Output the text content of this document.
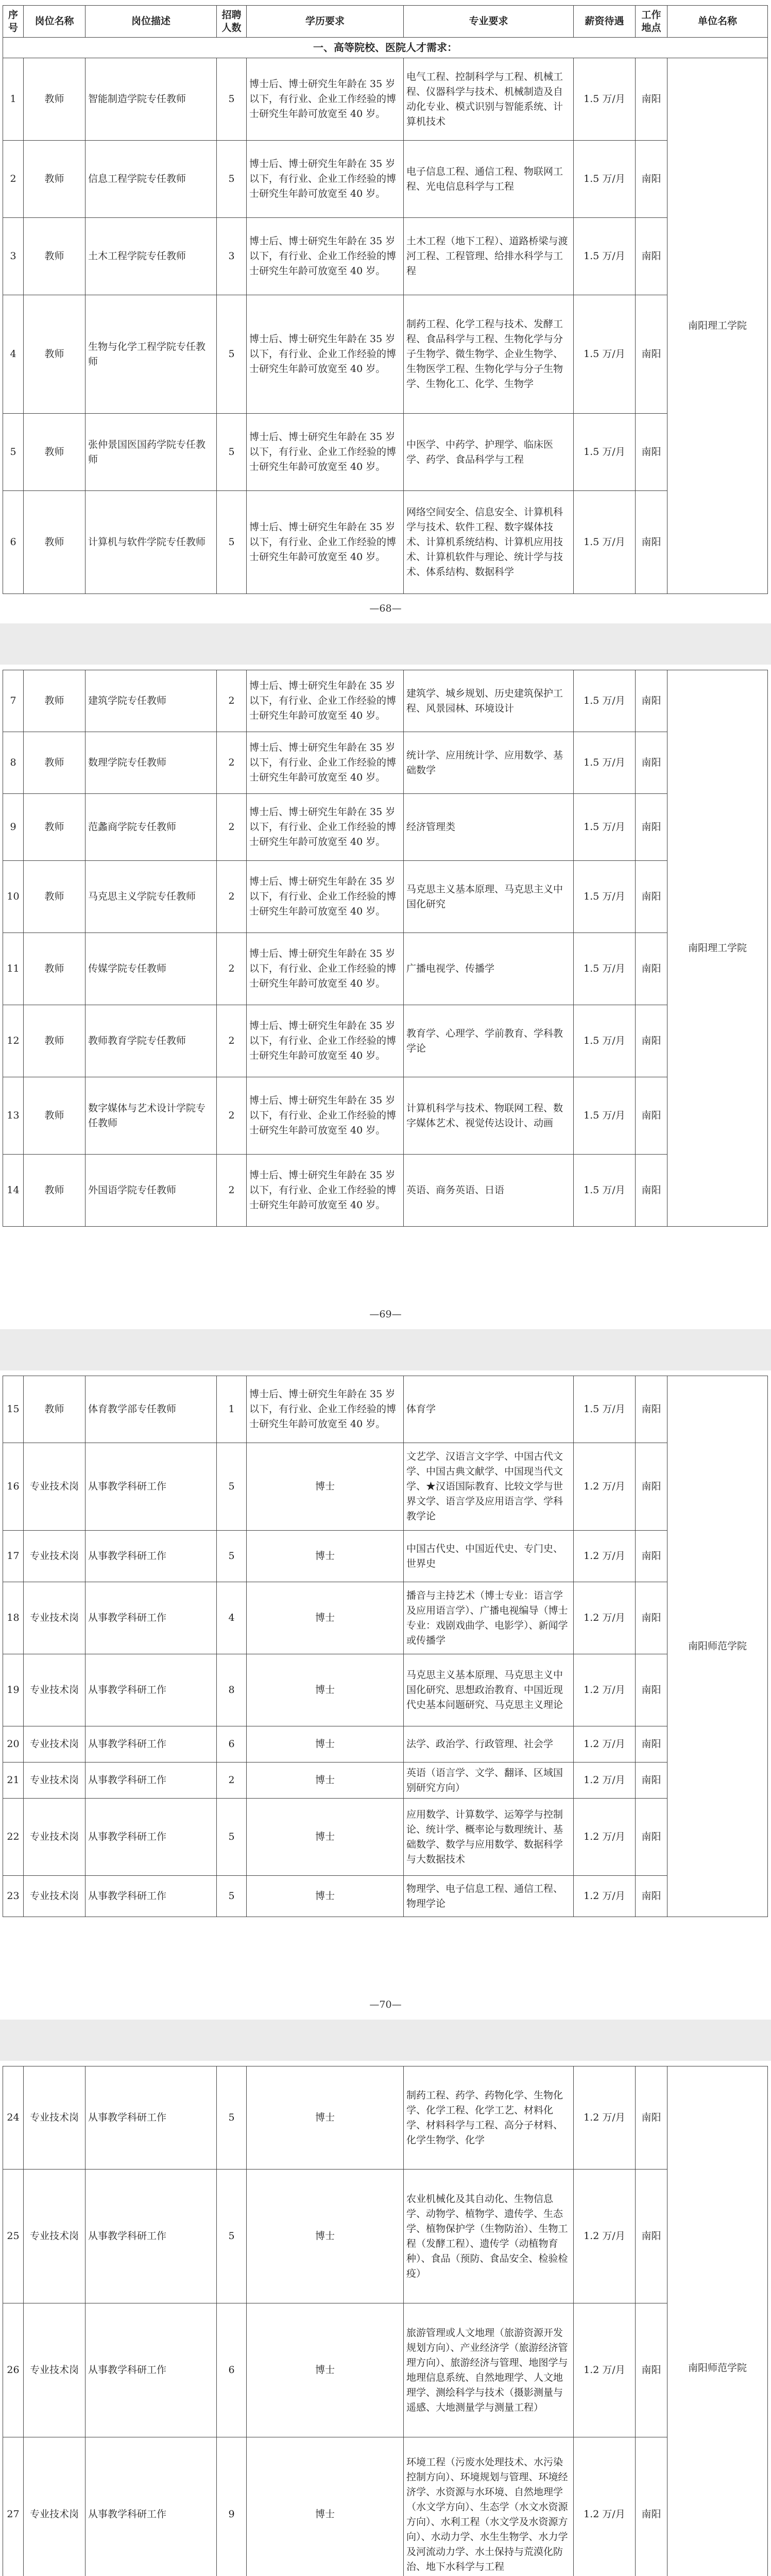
序号	岗位名称	岗位描述	招聘人数	学历要求	专业要求	薪资待遇	工作地点	单位名称
一、高等院校、医院人才需求：								
1	教师	智能制造学院专任教师	5	博士后、博士研究生年龄在 35 岁以下，有行业、企业工作经验的博士研究生年龄可放宽至 40 岁。	电气工程、控制科学与工程、机械工程、仪器科学与技术、机械制造及自动化专业、模式识别与智能系统、计算机技术	1.5 万/月	南阳	南阳理工学院
2	教师	信息工程学院专任教师	5	博士后、博士研究生年龄在 35 岁以下，有行业、企业工作经验的博士研究生年龄可放宽至 40 岁。	电子信息工程、通信工程、物联网工程、光电信息科学与工程	1.5 万/月	南阳	
3	教师	土木工程学院专任教师	3	博士后、博士研究生年龄在 35 岁以下，有行业、企业工作经验的博士研究生年龄可放宽至 40 岁。	土木工程（地下工程）、道路桥梁与渡河工程、工程管理、给排水科学与工程	1.5 万/月	南阳	
4	教师	生物与化学工程学院专任教师	5	博士后、博士研究生年龄在 35 岁以下，有行业、企业工作经验的博士研究生年龄可放宽至 40 岁。	制药工程、化学工程与技术、发酵工程、食品科学与工程、生物化学与分子生物学、微生物学、企业生物学、生物医学工程、生物化学与分子生物学、生物化工、化学、生物学	1.5 万/月	南阳	
5	教师	张仲景国医国药学院专任教师	5	博士后、博士研究生年龄在 35 岁以下，有行业、企业工作经验的博士研究生年龄可放宽至 40 岁。	中医学、中药学、护理学、临床医学、药学、食品科学与工程	1.5 万/月	南阳	
6	教师	计算机与软件学院专任教师	5	博士后、博士研究生年龄在 35 岁以下，有行业、企业工作经验的博士研究生年龄可放宽至 40 岁。	网络空间安全、信息安全、计算机科学与技术、软件工程、数字媒体技术、计算机系统结构、计算机应用技术、计算机软件与理论、统计学与技术、体系结构、数据科学	1.5 万/月	南阳	
—68—
7	教师	建筑学院专任教师	2	博士后、博士研究生年龄在 35 岁以下，有行业、企业工作经验的博士研究生年龄可放宽至 40 岁。	建筑学、城乡规划、历史建筑保护工程、风景园林、环境设计	1.5 万/月	南阳	南阳理工学院
8	教师	数理学院专任教师	2	博士后、博士研究生年龄在 35 岁以下，有行业、企业工作经验的博士研究生年龄可放宽至 40 岁。	统计学、应用统计学、应用数学、基础数学	1.5 万/月	南阳	
9	教师	范蠡商学院专任教师	2	博士后、博士研究生年龄在 35 岁以下，有行业、企业工作经验的博士研究生年龄可放宽至 40 岁。	经济管理类	1.5 万/月	南阳	
10	教师	马克思主义学院专任教师	2	博士后、博士研究生年龄在 35 岁以下，有行业、企业工作经验的博士研究生年龄可放宽至 40 岁。	马克思主义基本原理、马克思主义中国化研究	1.5 万/月	南阳	
11	教师	传媒学院专任教师	2	博士后、博士研究生年龄在 35 岁以下，有行业、企业工作经验的博士研究生年龄可放宽至 40 岁。	广播电视学、传播学	1.5 万/月	南阳	
12	教师	教师教育学院专任教师	2	博士后、博士研究生年龄在 35 岁以下，有行业、企业工作经验的博士研究生年龄可放宽至 40 岁。	教育学、心理学、学前教育、学科教学论	1.5 万/月	南阳	
13	教师	数字媒体与艺术设计学院专任教师	2	博士后、博士研究生年龄在 35 岁以下，有行业、企业工作经验的博士研究生年龄可放宽至 40 岁。	计算机科学与技术、物联网工程、数字媒体艺术、视觉传达设计、动画	1.5 万/月	南阳	
14	教师	外国语学院专任教师	2	博士后、博士研究生年龄在 35 岁以下，有行业、企业工作经验的博士研究生年龄可放宽至 40 岁。	英语、商务英语、日语	1.5 万/月	南阳	
—69—
15	教师	体育教学部专任教师	1	博士后、博士研究生年龄在 35 岁以下，有行业、企业工作经验的博士研究生年龄可放宽至 40 岁。	体育学	1.5 万/月	南阳	南阳师范学院
16	专业技术岗	从事教学科研工作	5	博士	文艺学、汉语言文字学、中国古代文学、中国古典文献学、中国现当代文学、★汉语国际教育、比较文学与世界文学、语言学及应用语言学、学科教学论	1.2 万/月	南阳	
17	专业技术岗	从事教学科研工作	5	博士	中国古代史、中国近代史、专门史、世界史	1.2 万/月	南阳	
18	专业技术岗	从事教学科研工作	4	博士	播音与主持艺术（博士专业：语言学及应用语言学）、广播电视编导（博士专业：戏剧戏曲学、电影学）、新闻学或传播学	1.2 万/月	南阳	
19	专业技术岗	从事教学科研工作	8	博士	马克思主义基本原理、马克思主义中国化研究、思想政治教育、中国近现代史基本问题研究、马克思主义理论	1.2 万/月	南阳	
20	专业技术岗	从事教学科研工作	6	博士	法学、政治学、行政管理、社会学	1.2 万/月	南阳	
21	专业技术岗	从事教学科研工作	2	博士	英语（语言学、文学、翻译、区域国别研究方向）	1.2 万/月	南阳	
22	专业技术岗	从事教学科研工作	5	博士	应用数学、计算数学、运筹学与控制论、统计学、概率论与数理统计、基础数学、数学与应用数学、数据科学与大数据技术	1.2 万/月	南阳	
23	专业技术岗	从事教学科研工作	5	博士	物理学、电子信息工程、通信工程、物理学论	1.2 万/月	南阳	
—70—
24	专业技术岗	从事教学科研工作	5	博士	制药工程、药学、药物化学、生物化学、化学工程、化学工艺、材料化学、材料科学与工程、高分子材料、化学生物学、化学	1.2 万/月	南阳	南阳师范学院
25	专业技术岗	从事教学科研工作	5	博士	农业机械化及其自动化、生物信息学、动物学、植物学、遗传学、生态学、植物保护学（生物防治）、生物工程（发酵工程）、遗传学（动植物育种）、食品（预防、食品安全、检验检疫）	1.2 万/月	南阳	
26	专业技术岗	从事教学科研工作	6	博士	旅游管理或人文地理（旅游资源开发规划方向）、产业经济学（旅游经济管理方向）、旅游经济与管理、地图学与地理信息系统、自然地理学、人文地理学、测绘科学与技术（摄影测量与遥感、大地测量学与测量工程）	1.2 万/月	南阳	
27	专业技术岗	从事教学科研工作	9	博士	环境工程（污废水处理技术、水污染控制方向）、环境规划与管理、环境经济学、水资源与水环境、自然地理学（水文学方向）、生态学（水文水资源方向）、水利工程（水文学及水资源方向）、水动力学、水生生物学、水力学及河流动力学、水土保持与荒漠化防治、地下水科学与工程	1.2 万/月	南阳	
